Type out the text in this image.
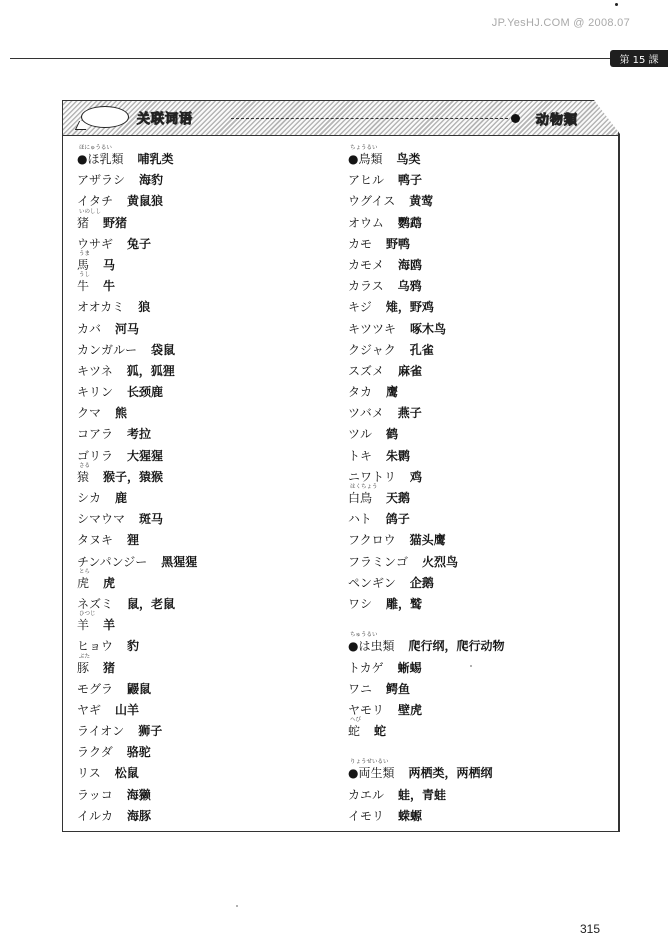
JP.YesHJ.COM @ 2008.07
第 15 課
关联词语	动物類
ほにゅうるい
●ほ乳類 哺乳类
アザラシ 海豹
イタチ 黄鼠狼
いのしし
猪 野猪
ウサギ 兔子
うま
馬 马
うし
牛 牛
オオカミ 狼
カバ 河马
カンガルー 袋鼠
キツネ 狐，狐狸
キリン 长颈鹿
クマ 熊
コアラ 考拉
ゴリラ 大猩猩
さる
猿 猴子，猿猴
シカ 鹿
シマウマ 斑马
タヌキ 狸
チンパンジー 黑猩猩
とら
虎 虎
ネズミ 鼠，老鼠
ひつじ
羊 羊
ヒョウ 豹
ぶた
豚 猪
モグラ 鼹鼠
ヤギ 山羊
ライオン 狮子
ラクダ 骆驼
リス 松鼠
ラッコ 海獭
イルカ 海豚
ちょうるい
●鳥類 鸟类
アヒル 鸭子
ウグイス 黄莺
オウム 鹦鹉
カモ 野鸭
カモメ 海鸥
カラス 乌鸦
キジ 雉，野鸡
キツツキ 啄木鸟
クジャク 孔雀
スズメ 麻雀
タカ 鹰
ツバメ 燕子
ツル 鹤
トキ 朱鹮
ニワトリ 鸡
はくちょう
白鳥 天鹅
ハト 鸽子
フクロウ 猫头鹰
フラミンゴ 火烈鸟
ペンギン 企鹅
ワシ 雕，鹫
ちゅうるい
●は虫類 爬行纲，爬行动物
トカゲ 蜥蜴
ワニ 鳄鱼
ヤモリ 壁虎
へび
蛇 蛇
りょうせいるい
●両生類 两栖类，两栖纲
カエル 蛙，青蛙
イモリ 蝾螈
315
